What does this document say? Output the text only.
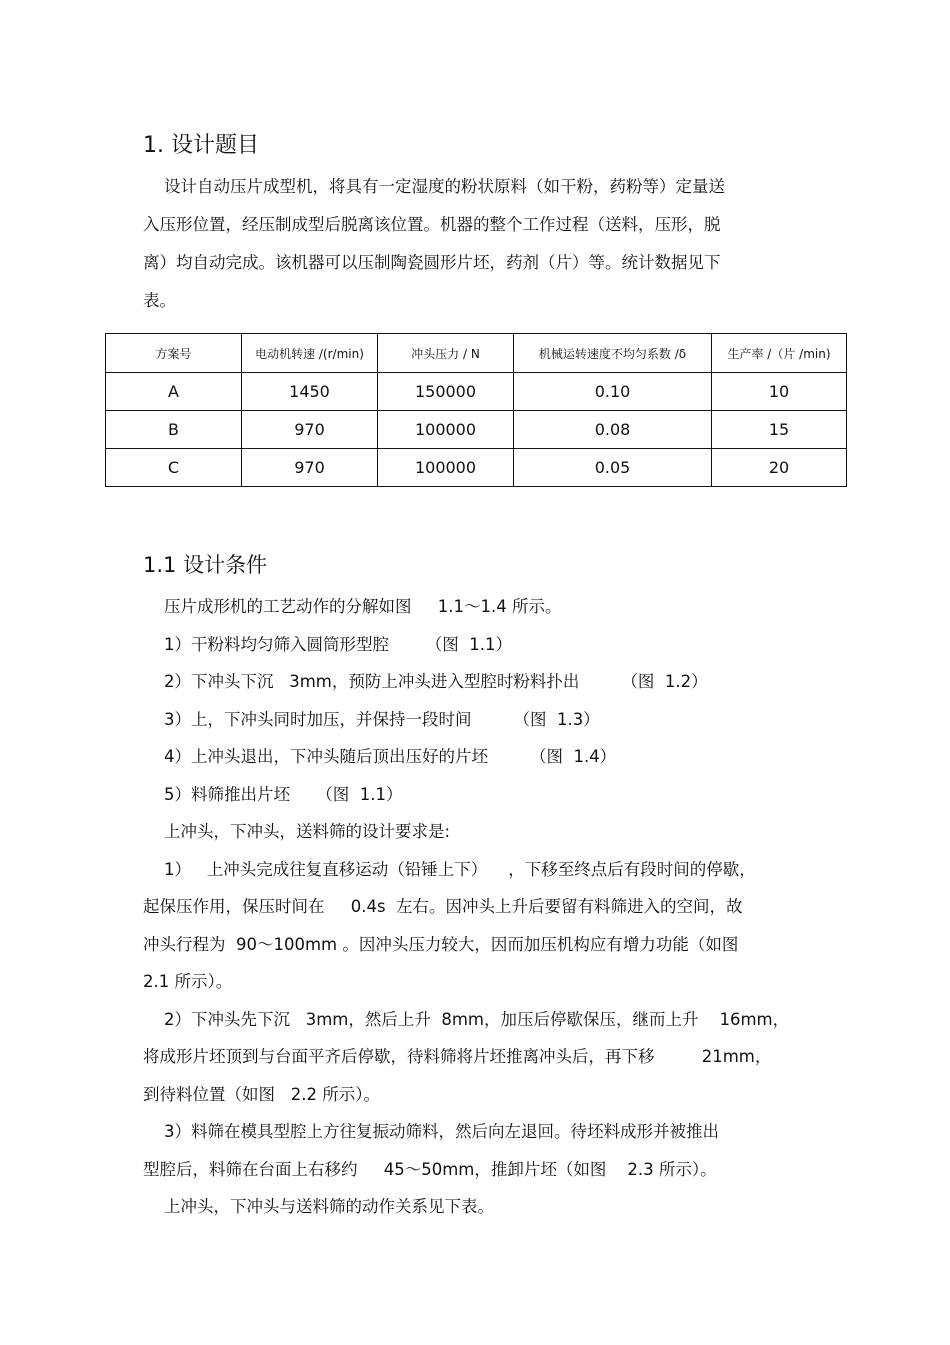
1. 设计题目
设计自动压片成型机，将具有一定湿度的粉状原料（如干粉，药粉等）定量送
入压形位置，经压制成型后脱离该位置。机器的整个工作过程（送料，压形，脱
离）均自动完成。该机器可以压制陶瓷圆形片坯，药剂（片）等。统计数据见下
表。
方案号	电动机转速 /(r/min)	冲头压力 / N	机械运转速度不均匀系数 /δ	生产率 /（片 /min)
A	1450	150000	0.10	10
B	970	100000	0.08	15
C	970	100000	0.05	20
1.1 设计条件
压片成形机的工艺动作的分解如图     1.1～1.4 所示。
1）干粉料均匀筛入圆筒形型腔       （图  1.1）
2）下冲头下沉   3mm，预防上冲头进入型腔时粉料扑出        （图  1.2）
3）上，下冲头同时加压，并保持一段时间        （图  1.3）
4）上冲头退出，下冲头随后顶出压好的片坯        （图  1.4）
5）料筛推出片坯     （图  1.1）
上冲头，下冲头，送料筛的设计要求是:
1）   上冲头完成往复直移运动（铅锤上下）    ，下移至终点后有段时间的停歇，
起保压作用，保压时间在     0.4s  左右。因冲头上升后要留有料筛进入的空间，故
冲头行程为  90～100mm 。因冲头压力较大，因而加压机构应有增力功能（如图
2.1 所示）。
2）下冲头先下沉   3mm，然后上升  8mm，加压后停歇保压，继而上升    16mm，
将成形片坯顶到与台面平齐后停歇，待料筛将片坯推离冲头后，再下移         21mm，
到待料位置（如图   2.2 所示）。
3）料筛在模具型腔上方往复振动筛料，然后向左退回。待坯料成形并被推出
型腔后，料筛在台面上右移约     45～50mm，推卸片坯（如图    2.3 所示）。
上冲头，下冲头与送料筛的动作关系见下表。
